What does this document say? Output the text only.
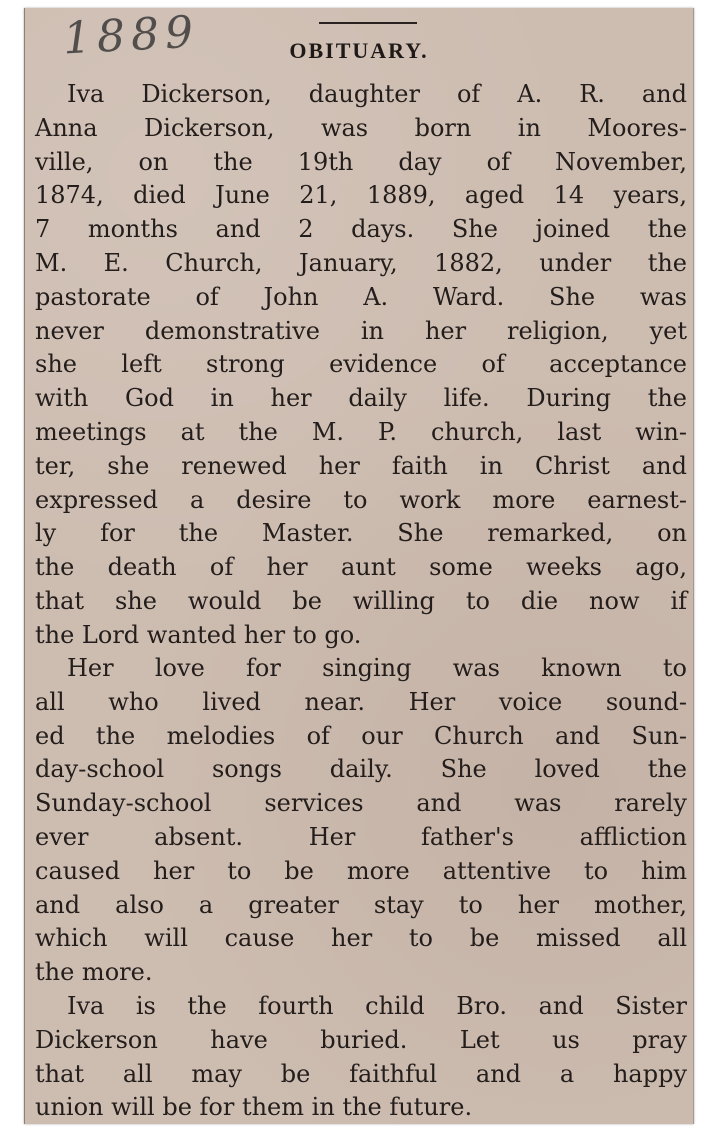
1889	OBITUARY.
Iva Dickerson, daughter of A. R. and
Anna Dickerson, was born in Moores-
ville, on the 19th day of November,
1874, died June 21, 1889, aged 14 years,
7 months and 2 days. She joined the
M. E. Church, January, 1882, under the
pastorate of John A. Ward. She was
never demonstrative in her religion, yet
she left strong evidence of acceptance
with God in her daily life. During the
meetings at the M. P. church, last win-
ter, she renewed her faith in Christ and
expressed a desire to work more earnest-
ly for the Master. She remarked, on
the death of her aunt some weeks ago,
that she would be willing to die now if
the Lord wanted her to go.
Her love for singing was known to
all who lived near. Her voice sound-
ed the melodies of our Church and Sun-
day-school songs daily. She loved the
Sunday-school services and was rarely
ever absent. Her father's affliction
caused her to be more attentive to him
and also a greater stay to her mother,
which will cause her to be missed all
the more.
Iva is the fourth child Bro. and Sister
Dickerson have buried. Let us pray
that all may be faithful and a happy
union will be for them in the future.
